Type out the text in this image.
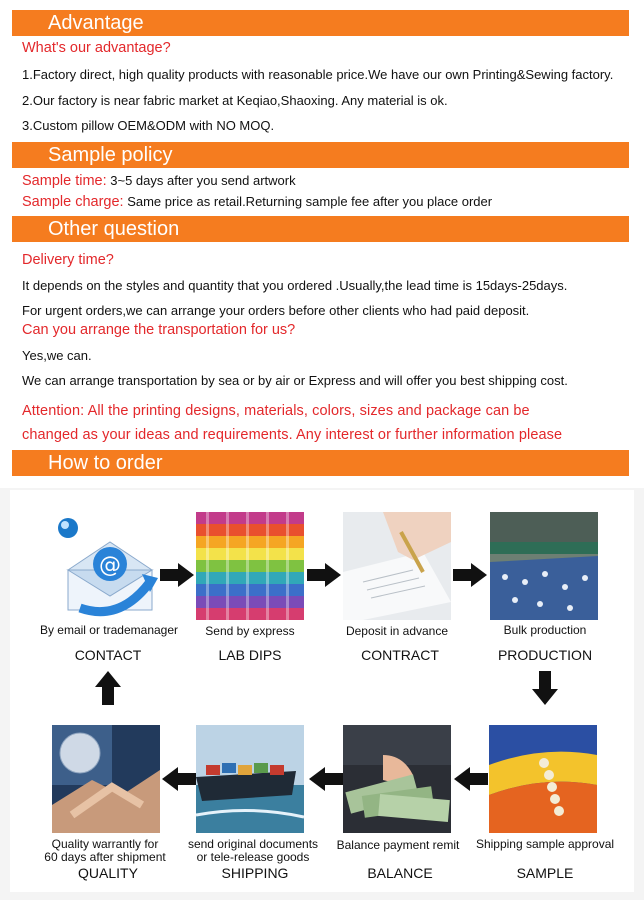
Advantage
What's our advantage?
1.Factory direct, high quality products with reasonable price.We have our own Printing&Sewing factory.
2.Our factory is near fabric market at Keqiao,Shaoxing. Any material is ok.
3.Custom pillow OEM&ODM with NO MOQ.
Sample policy
Sample time: 3~5 days after you send artwork
Sample charge: Same price as retail.Returning sample fee after you place order
Other question
Delivery time?
It depends on the styles and quantity that you ordered .Usually,the lead time is 15days-25days.
For urgent orders,we can arrange your orders before other clients who had paid deposit.
Can you arrange the transportation for us?
Yes,we can.
We can arrange transportation by sea or by air or Express and will offer you best shipping cost.
Attention: All the printing designs, materials, colors, sizes and package can be
changed as your ideas and requirements. Any interest or further information please
How to order
@
By email or trademanager	Send by express	Deposit in advance	Bulk production
CONTACT	LAB DIPS	CONTRACT	PRODUCTION
Quality warrantly for
60 days after shipment
send original documents
or tele-release goods
Balance payment remit	Shipping sample approval
QUALITY	SHIPPING	BALANCE	SAMPLE
